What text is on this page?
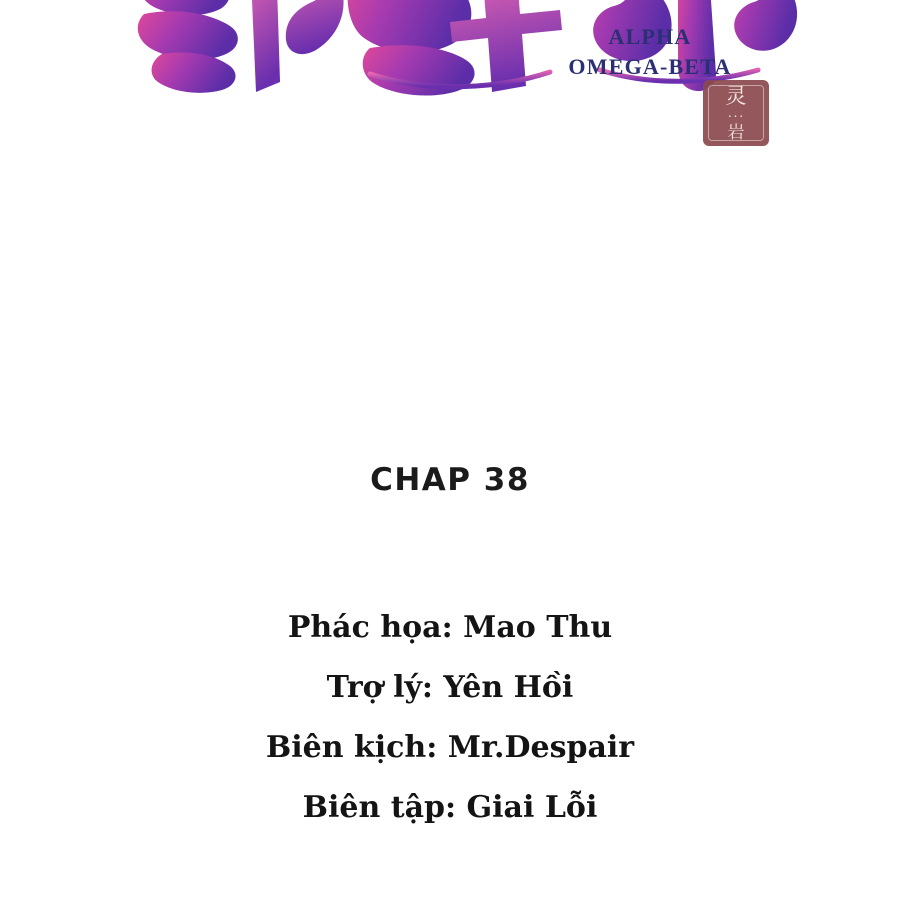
ALPHA
OMEGA-BETA
灵
···
岩
CHAP 38
Phác họa: Mao Thu
Trợ lý: Yên Hồi
Biên kịch: Mr.Despair
Biên tập: Giai Lỗi
